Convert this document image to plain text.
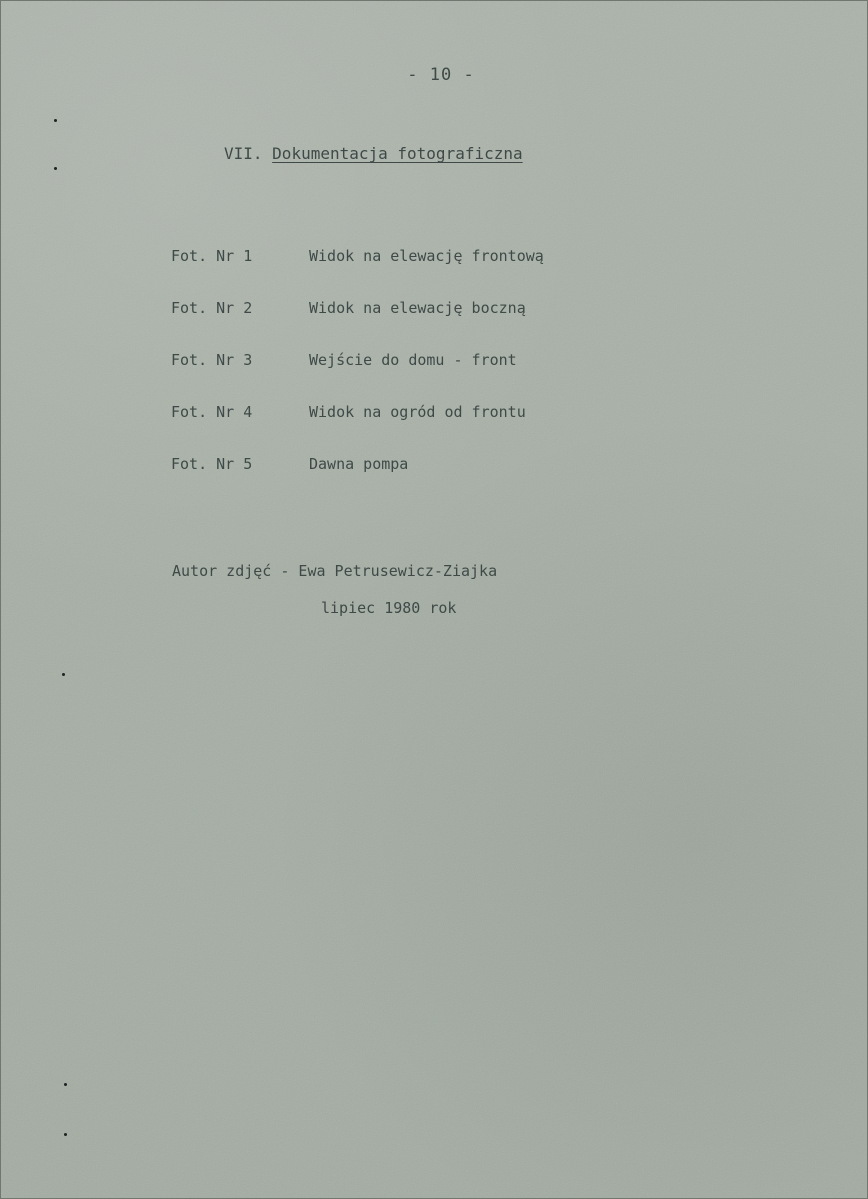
- 10 -
VII. Dokumentacja fotograficzna
Fot. Nr 1	Widok na elewację frontową
Fot. Nr 2	Widok na elewację boczną
Fot. Nr 3	Wejście do domu - front
Fot. Nr 4	Widok na ogród od frontu
Fot. Nr 5	Dawna pompa
Autor zdjęć - Ewa Petrusewicz-Ziajka
lipiec 1980 rok
